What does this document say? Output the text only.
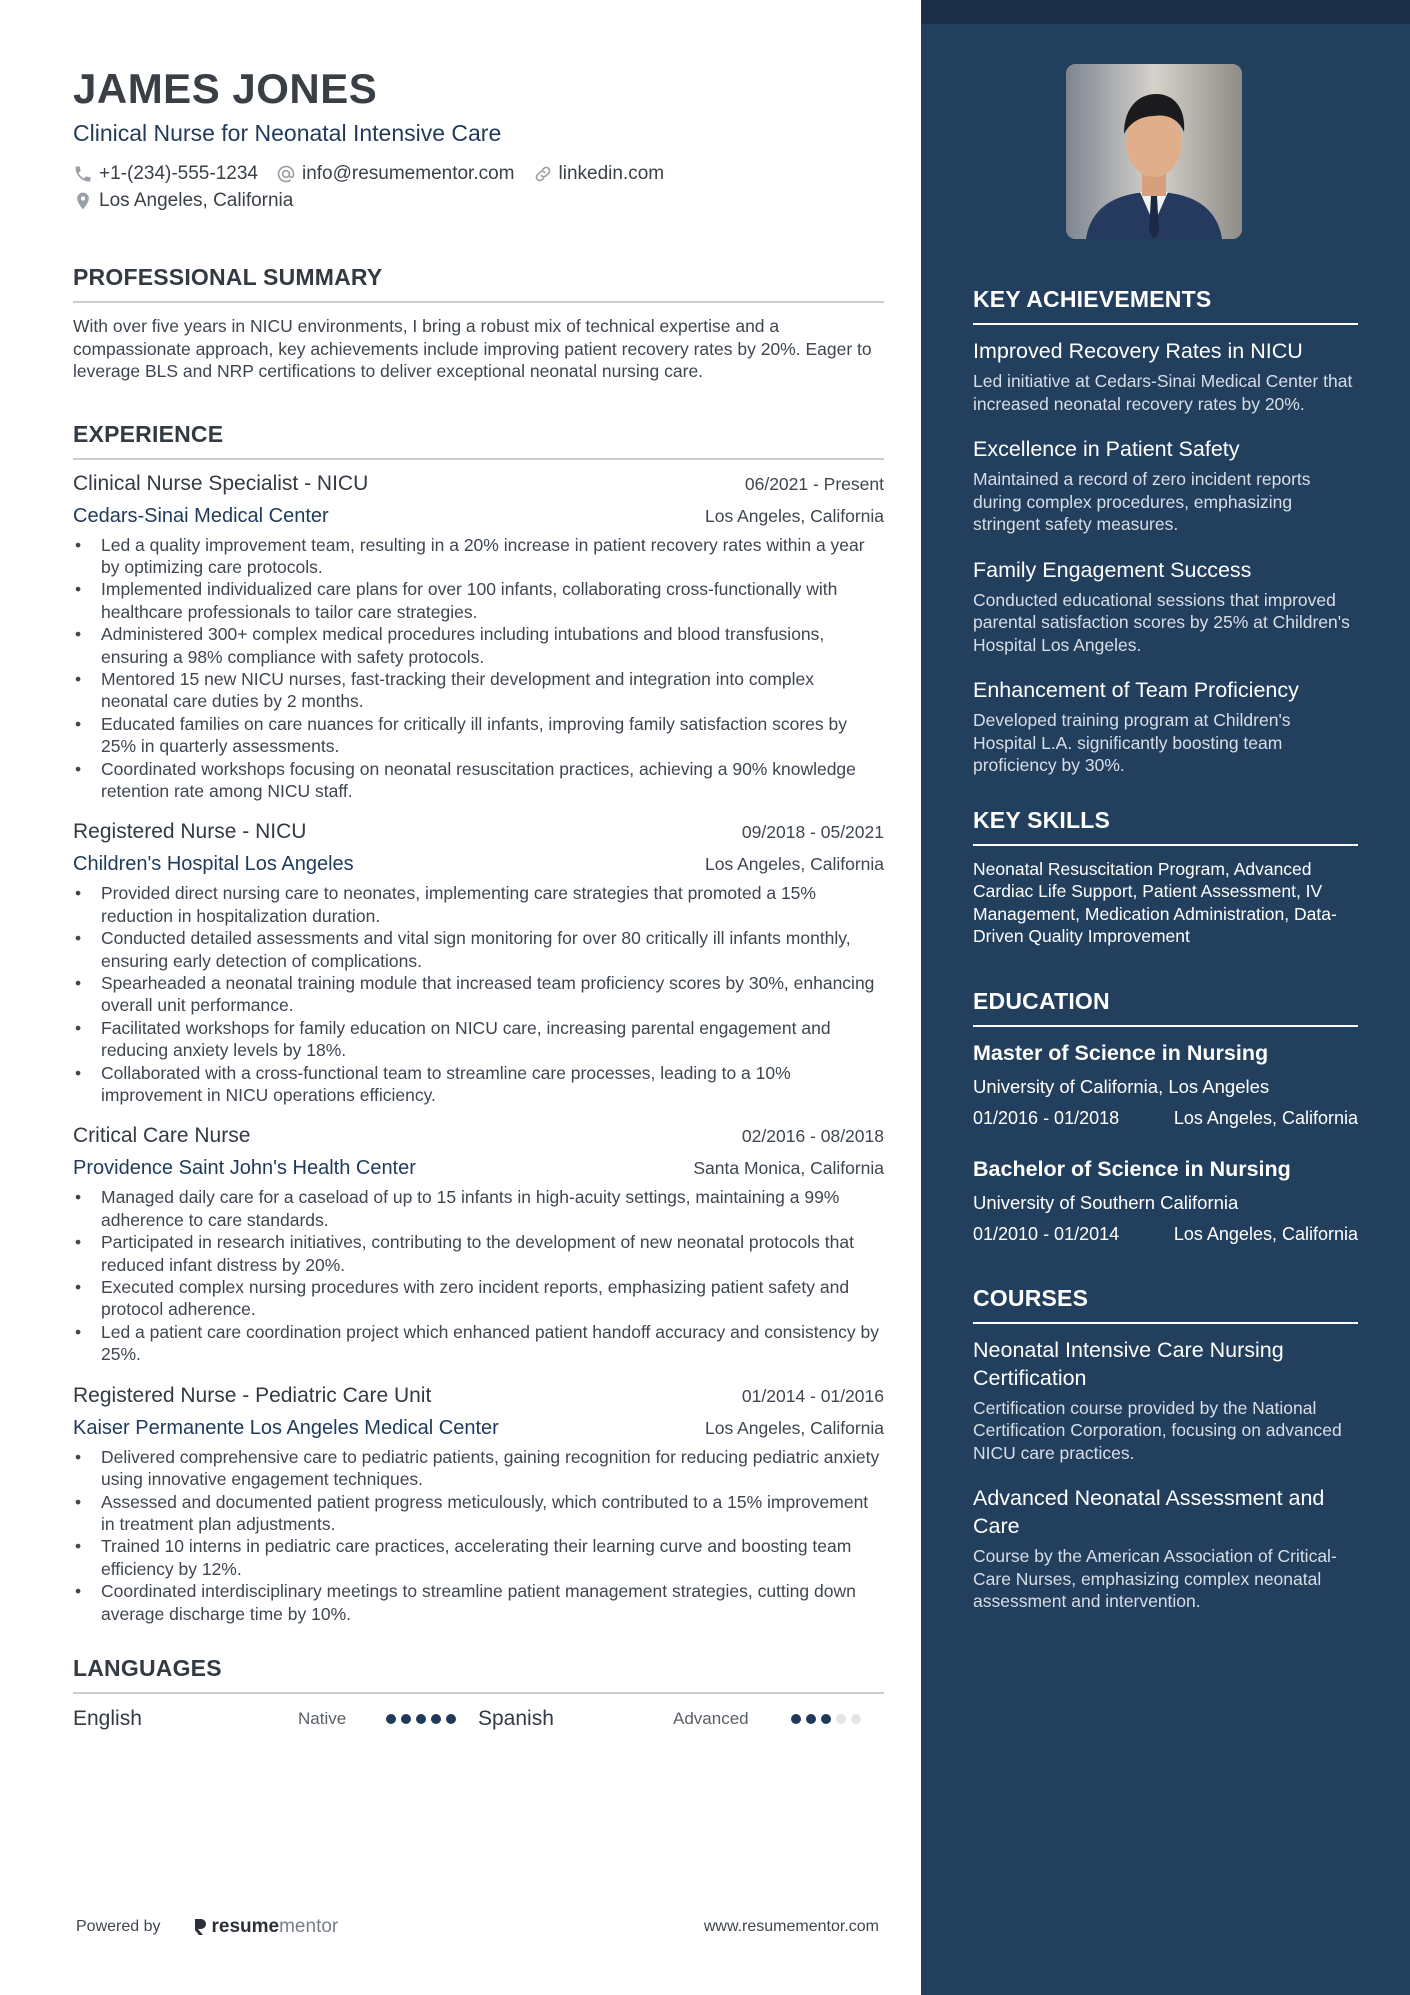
JAMES JONES
Clinical Nurse for Neonatal Intensive Care
+1-(234)-555-1234 info@resumementor.com linkedin.com
Los Angeles, California
PROFESSIONAL SUMMARY
With over five years in NICU environments, I bring a robust mix of technical expertise and a compassionate approach, key achievements include improving patient recovery rates by 20%. Eager to leverage BLS and NRP certifications to deliver exceptional neonatal nursing care.
EXPERIENCE
Clinical Nurse Specialist - NICU	06/2021 - Present
Cedars-Sinai Medical Center	Los Angeles, California
• Led a quality improvement team, resulting in a 20% increase in patient recovery rates within a year by optimizing care protocols.
• Implemented individualized care plans for over 100 infants, collaborating cross-functionally with healthcare professionals to tailor care strategies.
• Administered 300+ complex medical procedures including intubations and blood transfusions, ensuring a 98% compliance with safety protocols.
• Mentored 15 new NICU nurses, fast-tracking their development and integration into complex neonatal care duties by 2 months.
• Educated families on care nuances for critically ill infants, improving family satisfaction scores by 25% in quarterly assessments.
• Coordinated workshops focusing on neonatal resuscitation practices, achieving a 90% knowledge retention rate among NICU staff.
Registered Nurse - NICU	09/2018 - 05/2021
Children's Hospital Los Angeles	Los Angeles, California
• Provided direct nursing care to neonates, implementing care strategies that promoted a 15% reduction in hospitalization duration.
• Conducted detailed assessments and vital sign monitoring for over 80 critically ill infants monthly, ensuring early detection of complications.
• Spearheaded a neonatal training module that increased team proficiency scores by 30%, enhancing overall unit performance.
• Facilitated workshops for family education on NICU care, increasing parental engagement and reducing anxiety levels by 18%.
• Collaborated with a cross-functional team to streamline care processes, leading to a 10% improvement in NICU operations efficiency.
Critical Care Nurse	02/2016 - 08/2018
Providence Saint John's Health Center	Santa Monica, California
• Managed daily care for a caseload of up to 15 infants in high-acuity settings, maintaining a 99% adherence to care standards.
• Participated in research initiatives, contributing to the development of new neonatal protocols that reduced infant distress by 20%.
• Executed complex nursing procedures with zero incident reports, emphasizing patient safety and protocol adherence.
• Led a patient care coordination project which enhanced patient handoff accuracy and consistency by 25%.
Registered Nurse - Pediatric Care Unit	01/2014 - 01/2016
Kaiser Permanente Los Angeles Medical Center	Los Angeles, California
• Delivered comprehensive care to pediatric patients, gaining recognition for reducing pediatric anxiety using innovative engagement techniques.
• Assessed and documented patient progress meticulously, which contributed to a 15% improvement in treatment plan adjustments.
• Trained 10 interns in pediatric care practices, accelerating their learning curve and boosting team efficiency by 12%.
• Coordinated interdisciplinary meetings to streamline patient management strategies, cutting down average discharge time by 10%.
LANGUAGES
English	Native	Spanish	Advanced
Powered by	resume mentor	www.resumementor.com
KEY ACHIEVEMENTS
Improved Recovery Rates in NICU
Led initiative at Cedars-Sinai Medical Center that increased neonatal recovery rates by 20%.
Excellence in Patient Safety
Maintained a record of zero incident reports during complex procedures, emphasizing stringent safety measures.
Family Engagement Success
Conducted educational sessions that improved parental satisfaction scores by 25% at Children's Hospital Los Angeles.
Enhancement of Team Proficiency
Developed training program at Children's Hospital L.A. significantly boosting team proficiency by 30%.
KEY SKILLS
Neonatal Resuscitation Program, Advanced Cardiac Life Support, Patient Assessment, IV Management, Medication Administration, Data-Driven Quality Improvement
EDUCATION
Master of Science in Nursing
University of California, Los Angeles
01/2016 - 01/2018	Los Angeles, California
Bachelor of Science in Nursing
University of Southern California
01/2010 - 01/2014	Los Angeles, California
COURSES
Neonatal Intensive Care Nursing Certification
Certification course provided by the National Certification Corporation, focusing on advanced NICU care practices.
Advanced Neonatal Assessment and Care
Course by the American Association of Critical-Care Nurses, emphasizing complex neonatal assessment and intervention.
